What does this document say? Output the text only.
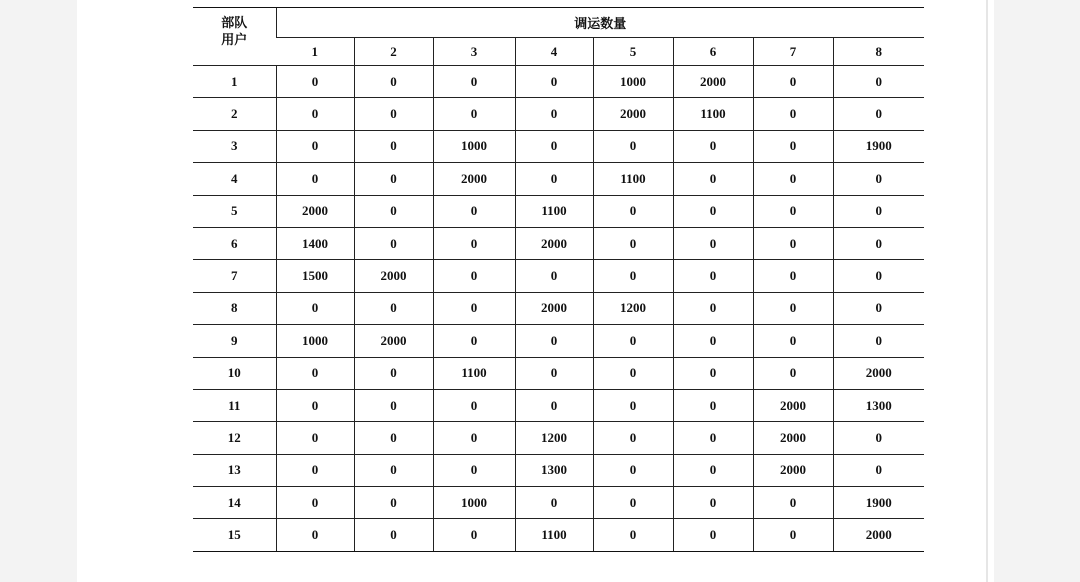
部队
用户	调运数量							
	1	2	3	4	5	6	7	8
1	0	0	0	0	1000	2000	0	0
2	0	0	0	0	2000	1100	0	0
3	0	0	1000	0	0	0	0	1900
4	0	0	2000	0	1100	0	0	0
5	2000	0	0	1100	0	0	0	0
6	1400	0	0	2000	0	0	0	0
7	1500	2000	0	0	0	0	0	0
8	0	0	0	2000	1200	0	0	0
9	1000	2000	0	0	0	0	0	0
10	0	0	1100	0	0	0	0	2000
11	0	0	0	0	0	0	2000	1300
12	0	0	0	1200	0	0	2000	0
13	0	0	0	1300	0	0	2000	0
14	0	0	1000	0	0	0	0	1900
15	0	0	0	1100	0	0	0	2000
